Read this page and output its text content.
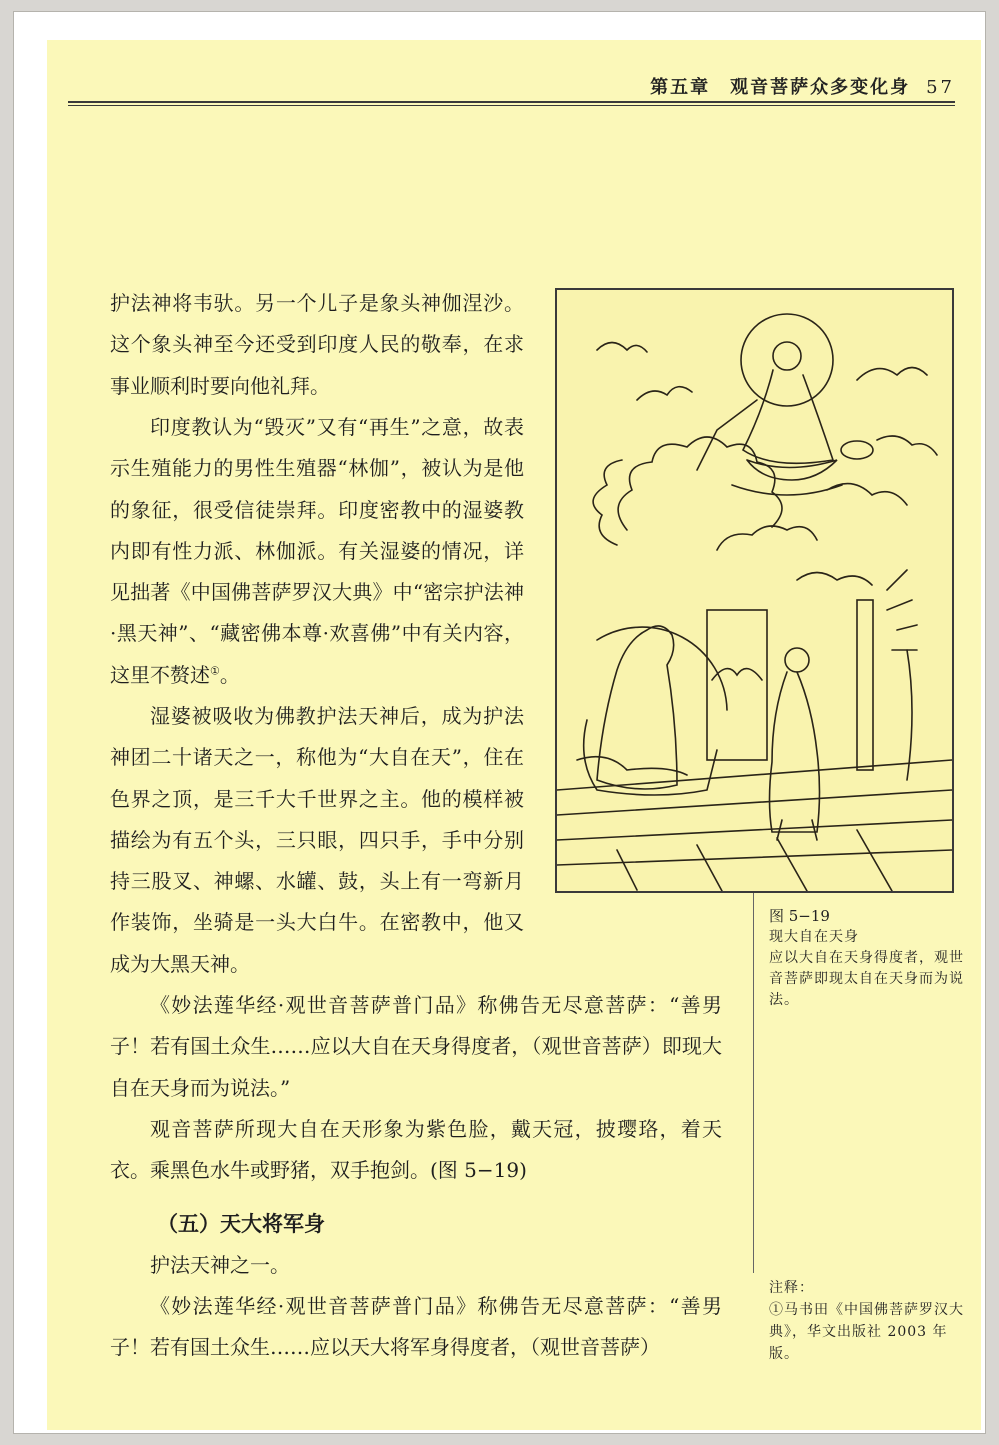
第五章　观音菩萨众多变化身 57

护法神将韦驮。另一个儿子是象头神伽涅沙。这个象头神至今还受到印度人民的敬奉，在求事业顺利时要向他礼拜。

印度教认为“毁灭”又有“再生”之意，故表示生殖能力的男性生殖器“林伽”，被认为是他的象征，很受信徒崇拜。印度密教中的湿婆教内即有性力派、林伽派。有关湿婆的情况，详见拙著《中国佛菩萨罗汉大典》中“密宗护法神·黑天神”、“藏密佛本尊·欢喜佛”中有关内容，这里不赘述①。

湿婆被吸收为佛教护法天神后，成为护法神团二十诸天之一，称他为“大自在天”，住在色界之顶，是三千大千世界之主。他的模样被描绘为有五个头，三只眼，四只手，手中分别持三股叉、神螺、水罐、鼓，头上有一弯新月作装饰，坐骑是一头大白牛。在密教中，他又成为大黑天神。

《妙法莲华经·观世音菩萨普门品》称佛告无尽意菩萨：“善男子！若有国土众生……应以大自在天身得度者，（观世音菩萨）即现大自在天身而为说法。”

观音菩萨所现大自在天形象为紫色脸，戴天冠，披璎珞，着天衣。乘黑色水牛或野猪，双手抱剑。(图 5−19)

（五）天大将军身

护法天神之一。

《妙法莲华经·观世音菩萨普门品》称佛告无尽意菩萨：“善男子！若有国土众生……应以天大将军身得度者，（观世音菩萨）

图 5−19

现大自在天身
应以大自在天身得度者，观世音菩萨即现太自在天身而为说法。

注释：

①马书田《中国佛菩萨罗汉大典》，华文出版社 2003 年版。
